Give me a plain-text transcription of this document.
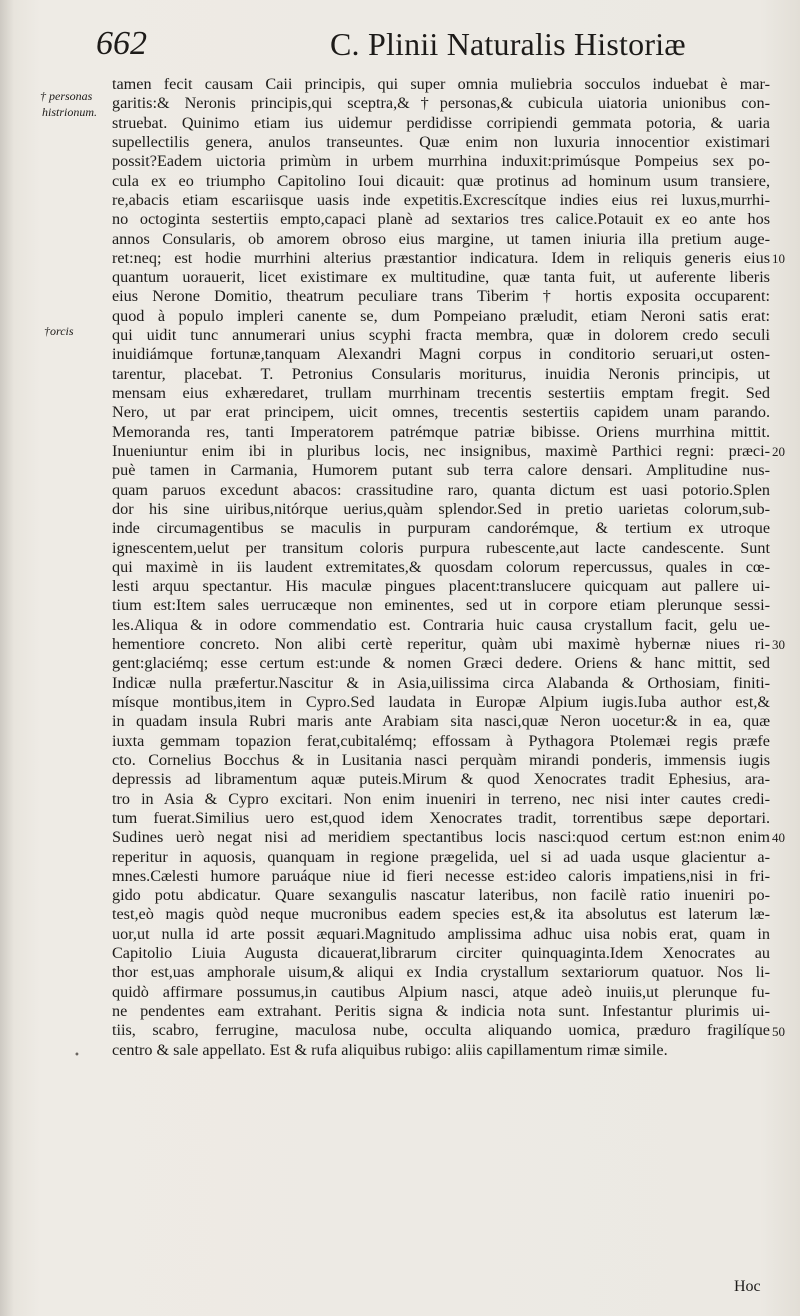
662	C. Plinii Naturalis Historiæ
† personas
histrionum.
†orcis
•
tamen fecit causam Caii principis, qui super omnia muliebria socculos induebat è mar-
garitis:& Neronis principis,qui sceptra,&†personas,& cubicula uiatoria unionibus con-
struebat. Quinimo etiam ius uidemur perdidisse corripiendi gemmata potoria, & uaria
supellectilis genera, anulos transeuntes. Quæ enim non luxuria innocentior existimari
possit?Eadem uictoria primùm in urbem murrhina induxit:primúsque Pompeius sex po-
cula ex eo triumpho Capitolino Ioui dicauit: quæ protinus ad hominum usum transiere,
re,abacis etiam escariisque uasis inde expetitis.Excrescítque indies eius rei luxus,murrhi-
no octoginta sestertiis empto,capaci planè ad sextarios tres calice.Potauit ex eo ante hos
annos Consularis, ob amorem obroso eius margine, ut tamen iniuria illa pretium auge-
ret:neq; est hodie murrhini alterius præstantior indicatura. Idem in reliquis generis eius
quantum uorauerit, licet existimare ex multitudine, quæ tanta fuit, ut auferente liberis
eius Nerone Domitio, theatrum peculiare trans Tiberim † hortis exposita occuparent:
quod à populo impleri canente se, dum Pompeiano præludit, etiam Neroni satis erat:
qui uidit tunc annumerari unius scyphi fracta membra, quæ in dolorem credo seculi
inuidiámque fortunæ,tanquam Alexandri Magni corpus in conditorio seruari,ut osten-
tarentur, placebat. T. Petronius Consularis moriturus, inuidia Neronis principis, ut
mensam eius exhæredaret, trullam murrhinam trecentis sestertiis emptam fregit. Sed
Nero, ut par erat principem, uicit omnes, trecentis sestertiis capidem unam parando.
Memoranda res, tanti Imperatorem patrémque patriæ bibisse. Oriens murrhina mittit.
Inueniuntur enim ibi in pluribus locis, nec insignibus, maximè Parthici regni: præci-
puè tamen in Carmania, Humorem putant sub terra calore densari. Amplitudine nus-
quam paruos excedunt abacos: crassitudine raro, quanta dictum est uasi potorio.Splen
dor his sine uiribus,nitórque uerius,quàm splendor.Sed in pretio uarietas colorum,sub-
inde circumagentibus se maculis in purpuram candorémque, & tertium ex utroque
ignescentem,uelut per transitum coloris purpura rubescente,aut lacte candescente. Sunt
qui maximè in iis laudent extremitates,& quosdam colorum repercussus, quales in cœ-
lesti arquu spectantur. His maculæ pingues placent:translucere quicquam aut pallere ui-
tium est:Item sales uerrucæque non eminentes, sed ut in corpore etiam plerunque sessi-
les.Aliqua & in odore commendatio est. Contraria huic causa crystallum facit, gelu ue-
hementiore concreto. Non alibi certè reperitur, quàm ubi maximè hybernæ niues ri-
gent:glaciémq; esse certum est:unde & nomen Græci dedere. Oriens & hanc mittit, sed
Indicæ nulla præfertur.Nascitur & in Asia,uilissima circa Alabanda & Orthosiam, finiti-
mísque montibus,item in Cypro.Sed laudata in Europæ Alpium iugis.Iuba author est,&
in quadam insula Rubri maris ante Arabiam sita nasci,quæ Neron uocetur:& in ea, quæ
iuxta gemmam topazion ferat,cubitalémq; effossam à Pythagora Ptolemæi regis præfe
cto. Cornelius Bocchus & in Lusitania nasci perquàm mirandi ponderis, immensis iugis
depressis ad libramentum aquæ puteis.Mirum & quod Xenocrates tradit Ephesius, ara-
tro in Asia & Cypro excitari. Non enim inueniri in terreno, nec nisi inter cautes credi-
tum fuerat.Similius uero est,quod idem Xenocrates tradit, torrentibus sæpe deportari.
Sudines uerò negat nisi ad meridiem spectantibus locis nasci:quod certum est:non enim
reperitur in aquosis, quanquam in regione prægelida, uel si ad uada usque glacientur a-
mnes.Cælesti humore paruáque niue id fieri necesse est:ideo caloris impatiens,nisi in fri-
gido potu abdicatur. Quare sexangulis nascatur lateribus, non facilè ratio inueniri po-
test,eò magis quòd neque mucronibus eadem species est,& ita absolutus est laterum læ-
uor,ut nulla id arte possit æquari.Magnitudo amplissima adhuc uisa nobis erat, quam in
Capitolio Liuia Augusta dicauerat,librarum circiter quinquaginta.Idem Xenocrates au
thor est,uas amphorale uisum,& aliqui ex India crystallum sextariorum quatuor. Nos li-
quidò affirmare possumus,in cautibus Alpium nasci, atque adeò inuiis,ut plerunque fu-
ne pendentes eam extrahant. Peritis signa & indicia nota sunt. Infestantur plurimis ui-
tiis, scabro, ferrugine, maculosa nube, occulta aliquando uomica, præduro fragilíque
centro & sale appellato. Est & rufa aliquibus rubigo: aliis capillamentum rimæ simile.
10
20
30
40
50
Hoc
